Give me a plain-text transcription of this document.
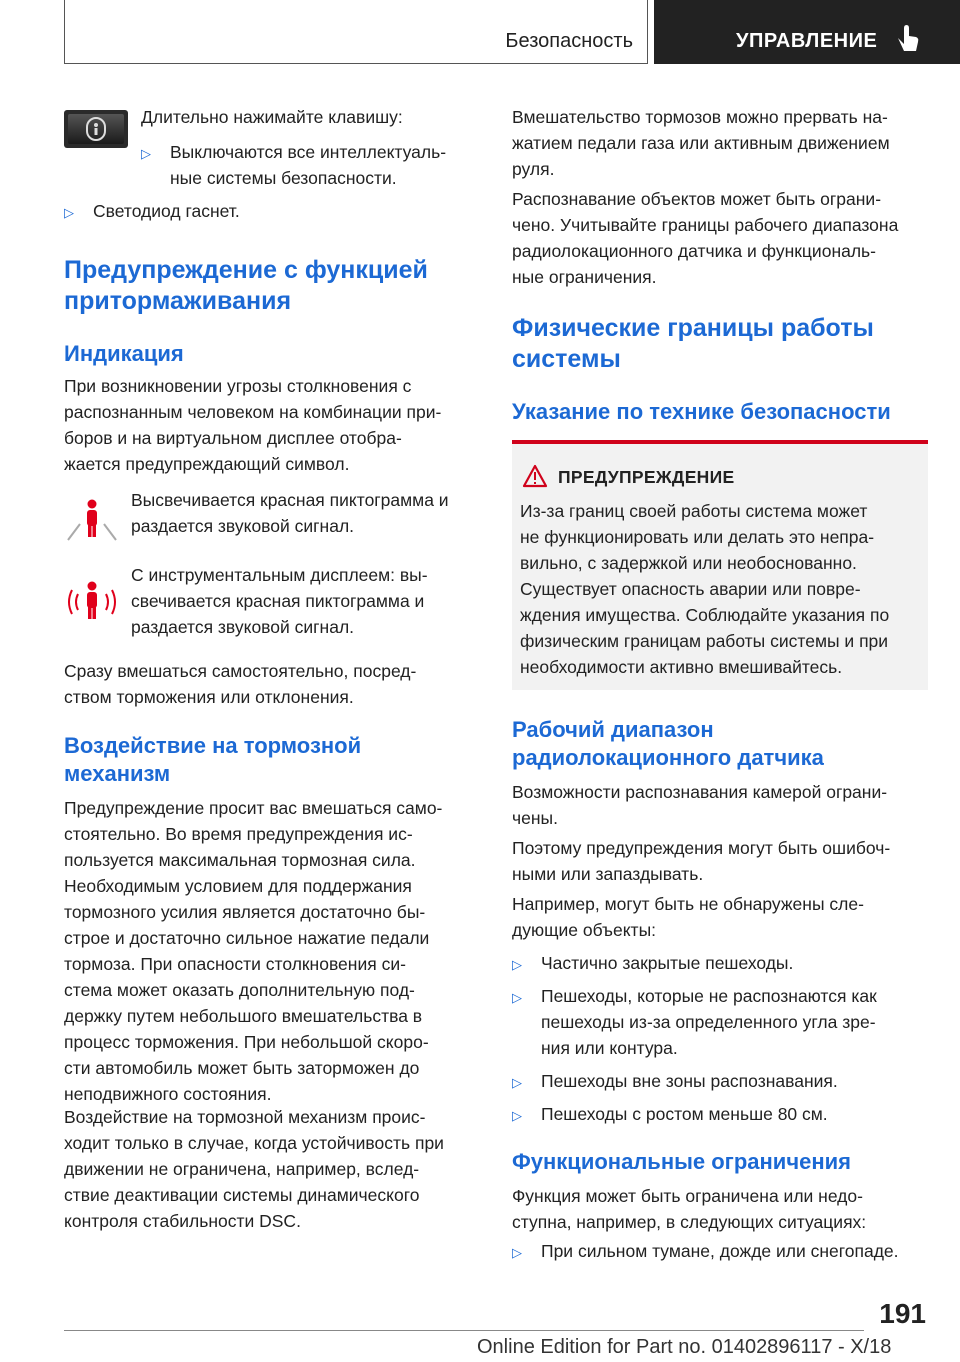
Безопасность	УПРАВЛЕНИЕ

Длительно нажимайте клавишу:

▷ Выключаются все интеллектуаль-

ные системы безопасности.

▷ Светодиод гаснет.

Предупреждение с функцией

притормаживания

Индикация

При возникновении угрозы столкновения с

распознанным человеком на комбинации при-

боров и на виртуальном дисплее отобра-

жается предупреждающий символ.

Высвечивается красная пиктограмма и

раздается звуковой сигнал.

С инструментальным дисплеем: вы-

свечивается красная пиктограмма и

раздается звуковой сигнал.

Сразу вмешаться самостоятельно, посред-

ством торможения или отклонения.

Воздействие на тормозной

механизм

Предупреждение просит вас вмешаться само-

стоятельно. Во время предупреждения ис-

пользуется максимальная тормозная сила.

Необходимым условием для поддержания

тормозного усилия является достаточно бы-

строе и достаточно сильное нажатие педали

тормоза. При опасности столкновения си-

стема может оказать дополнительную под-

держку путем небольшого вмешательства в

процесс торможения. При небольшой скоро-

сти автомобиль может быть заторможен до

неподвижного состояния.

Воздействие на тормозной механизм проис-

ходит только в случае, когда устойчивость при

движении не ограничена, например, вслед-

ствие деактивации системы динамического

контроля стабильности DSC.

Вмешательство тормозов можно прервать на-

жатием педали газа или активным движением

руля.

Распознавание объектов может быть ограни-

чено. Учитывайте границы рабочего диапазона

радиолокационного датчика и функциональ-

ные ограничения.

Физические границы работы

системы

Указание по технике безопасности

ПРЕДУПРЕЖДЕНИЕ

Из-за границ своей работы система может

не функционировать или делать это непра-

вильно, с задержкой или необоснованно.

Существует опасность аварии или повре-

ждения имущества. Соблюдайте указания по

физическим границам работы системы и при

необходимости активно вмешивайтесь.

Рабочий диапазон

радиолокационного датчика

Возможности распознавания камерой ограни-

чены.

Поэтому предупреждения могут быть ошибоч-

ными или запаздывать.

Например, могут быть не обнаружены сле-

дующие объекты:

▷ Частично закрытые пешеходы.

▷ Пешеходы, которые не распознаются как

пешеходы из-за определенного угла зре-

ния или контура.

▷ Пешеходы вне зоны распознавания.

▷ Пешеходы с ростом меньше 80 см.

Функциональные ограничения

Функция может быть ограничена или недо-

ступна, например, в следующих ситуациях:

▷ При сильном тумане, дожде или снегопаде.

191
Online Edition for Part no. 01402896117 - X/18
